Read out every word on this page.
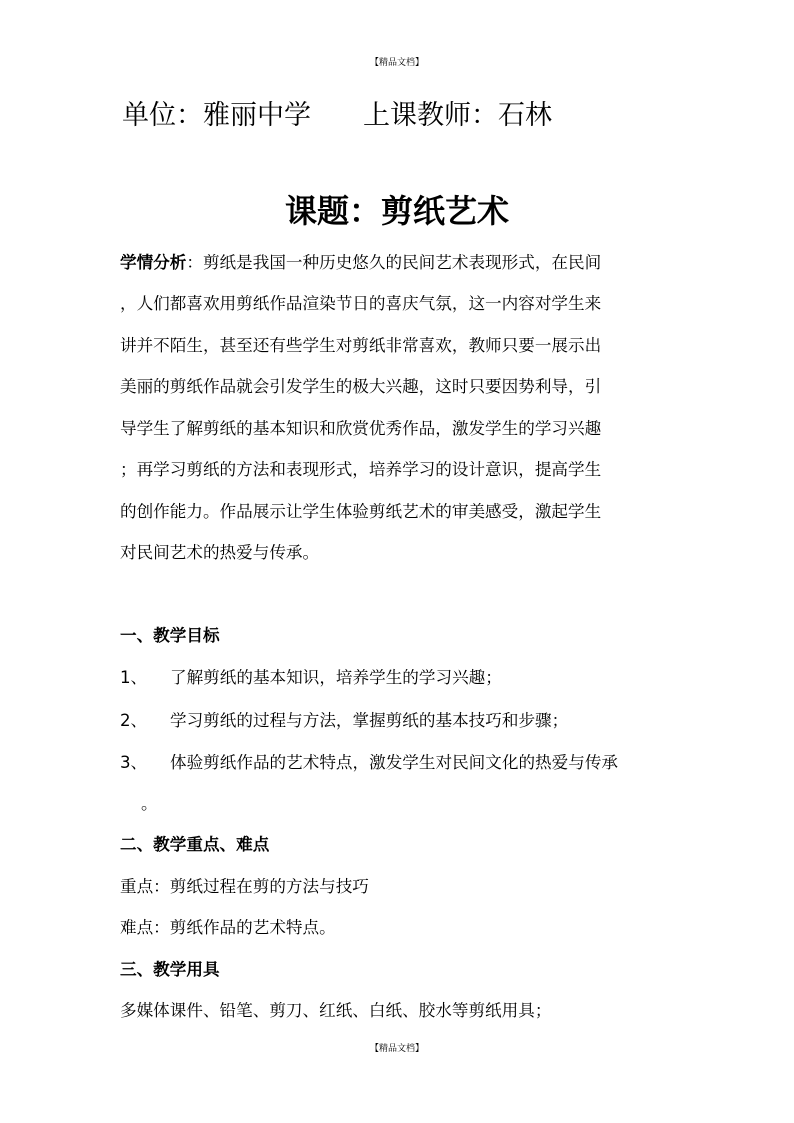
【精品文档】
单位：雅丽中学 上课教师：石林
课题：剪纸艺术
学情分析：剪纸是我国一种历史悠久的民间艺术表现形式，在民间
，人们都喜欢用剪纸作品渲染节日的喜庆气氛，这一内容对学生来
讲并不陌生，甚至还有些学生对剪纸非常喜欢，教师只要一展示出
美丽的剪纸作品就会引发学生的极大兴趣，这时只要因势利导，引
导学生了解剪纸的基本知识和欣赏优秀作品，激发学生的学习兴趣
；再学习剪纸的方法和表现形式，培养学习的设计意识，提高学生
的创作能力。作品展示让学生体验剪纸艺术的审美感受，激起学生
对民间艺术的热爱与传承。
一、教学目标
1、 了解剪纸的基本知识，培养学生的学习兴趣；
2、 学习剪纸的过程与方法，掌握剪纸的基本技巧和步骤；
3、 体验剪纸作品的艺术特点，激发学生对民间文化的热爱与传承
。
二、教学重点、难点
重点：剪纸过程在剪的方法与技巧
难点：剪纸作品的艺术特点。
三、教学用具
多媒体课件、铅笔、剪刀、红纸、白纸、胶水等剪纸用具；
【精品文档】
